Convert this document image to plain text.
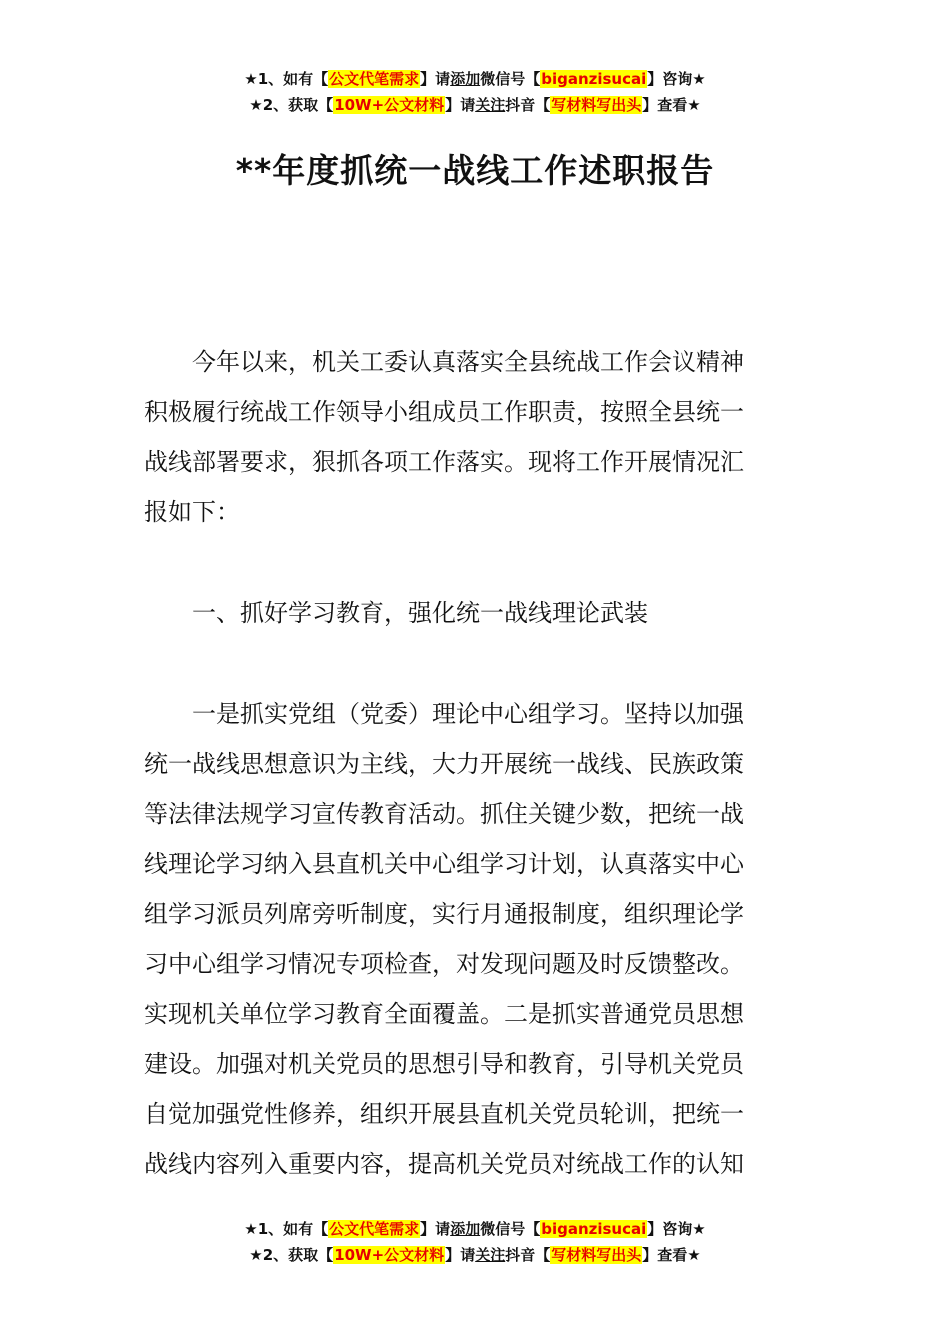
★1、如有【公文代笔需求】请添加微信号【biganzisucai】咨询★
★2、获取【10W+公文材料】请关注抖音【写材料写出头】查看★
**年度抓统一战线工作述职报告
今年以来，机关工委认真落实全县统战工作会议精神
积极履行统战工作领导小组成员工作职责，按照全县统一
战线部署要求，狠抓各项工作落实。现将工作开展情况汇
报如下：
一、抓好学习教育，强化统一战线理论武装
一是抓实党组（党委）理论中心组学习。坚持以加强
统一战线思想意识为主线，大力开展统一战线、民族政策
等法律法规学习宣传教育活动。抓住关键少数，把统一战
线理论学习纳入县直机关中心组学习计划，认真落实中心
组学习派员列席旁听制度，实行月通报制度，组织理论学
习中心组学习情况专项检查，对发现问题及时反馈整改。
实现机关单位学习教育全面覆盖。二是抓实普通党员思想
建设。加强对机关党员的思想引导和教育，引导机关党员
自觉加强党性修养，组织开展县直机关党员轮训，把统一
战线内容列入重要内容，提高机关党员对统战工作的认知
★1、如有【公文代笔需求】请添加微信号【biganzisucai】咨询★
★2、获取【10W+公文材料】请关注抖音【写材料写出头】查看★
